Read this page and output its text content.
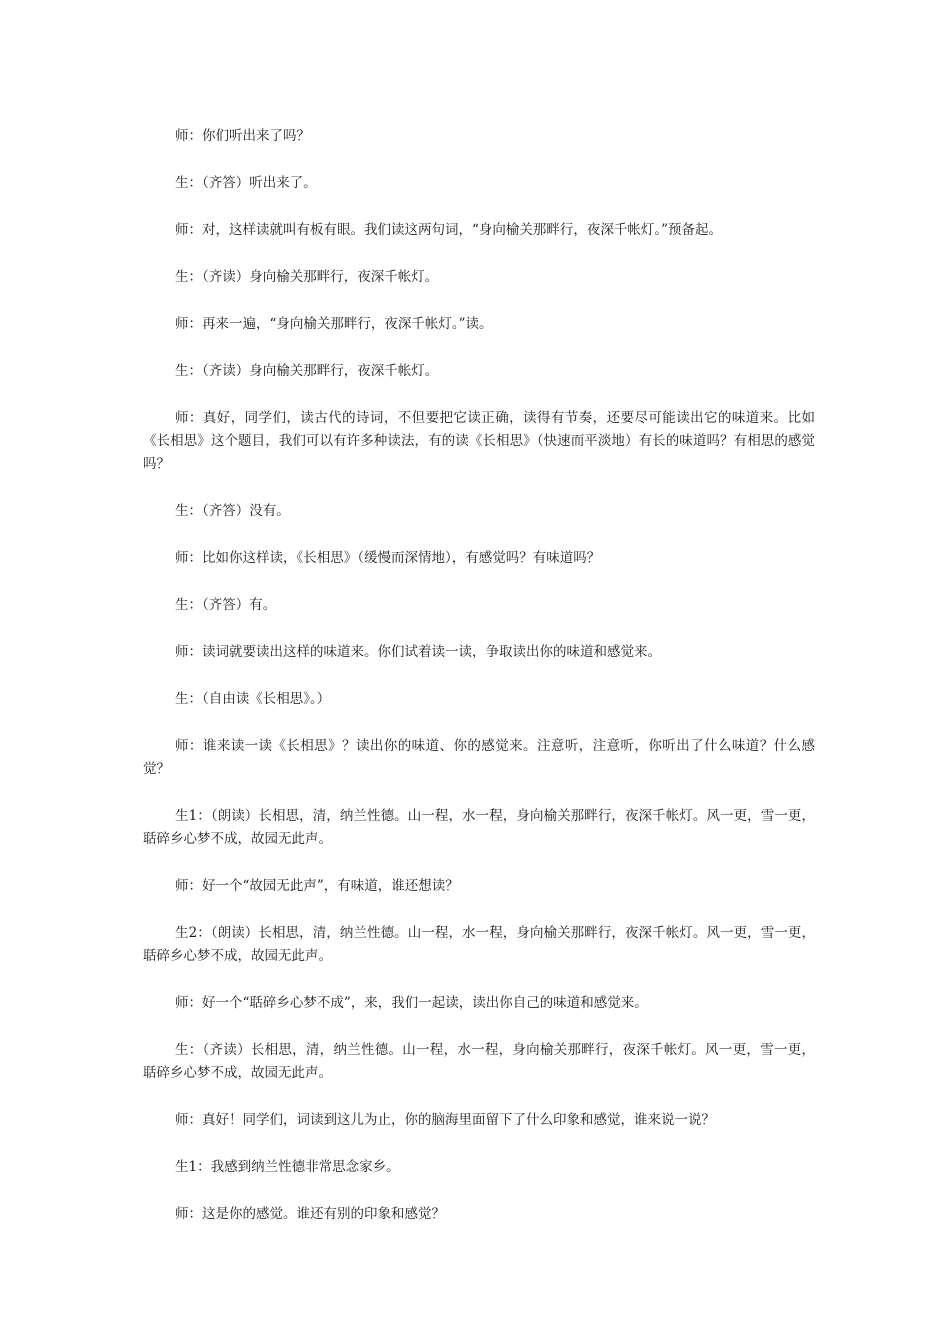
师：你们听出来了吗？

生：（齐答）听出来了。

师：对，这样读就叫有板有眼。我们读这两句词，“身向榆关那畔行，夜深千帐灯。”预备起。

生：（齐读）身向榆关那畔行，夜深千帐灯。

师：再来一遍，“身向榆关那畔行，夜深千帐灯。”读。

生：（齐读）身向榆关那畔行，夜深千帐灯。

师：真好，同学们，读古代的诗词，不但要把它读正确，读得有节奏，还要尽可能读出它的味道来。比如《长相思》这个题目，我们可以有许多种读法，有的读《长相思》（快速而平淡地）有长的味道吗？有相思的感觉吗？

生：（齐答）没有。

师：比如你这样读，《长相思》（缓慢而深情地），有感觉吗？有味道吗？

生：（齐答）有。

师：读词就要读出这样的味道来。你们试着读一读，争取读出你的味道和感觉来。

生：（自由读《长相思》。）

师：谁来读一读《长相思》？读出你的味道、你的感觉来。注意听，注意听，你听出了什么味道？什么感觉？

生1：（朗读）长相思，清，纳兰性德。山一程，水一程，身向榆关那畔行，夜深千帐灯。风一更，雪一更，聒碎乡心梦不成，故园无此声。

师：好一个“故园无此声”，有味道，谁还想读？

生2：（朗读）长相思，清，纳兰性德。山一程，水一程，身向榆关那畔行，夜深千帐灯。风一更，雪一更，聒碎乡心梦不成，故园无此声。

师：好一个“聒碎乡心梦不成”，来，我们一起读，读出你自己的味道和感觉来。

生：（齐读）长相思，清，纳兰性德。山一程，水一程，身向榆关那畔行，夜深千帐灯。风一更，雪一更，聒碎乡心梦不成，故园无此声。

师：真好！同学们，词读到这儿为止，你的脑海里面留下了什么印象和感觉，谁来说一说？

生1：我感到纳兰性德非常思念家乡。

师：这是你的感觉。谁还有别的印象和感觉？
